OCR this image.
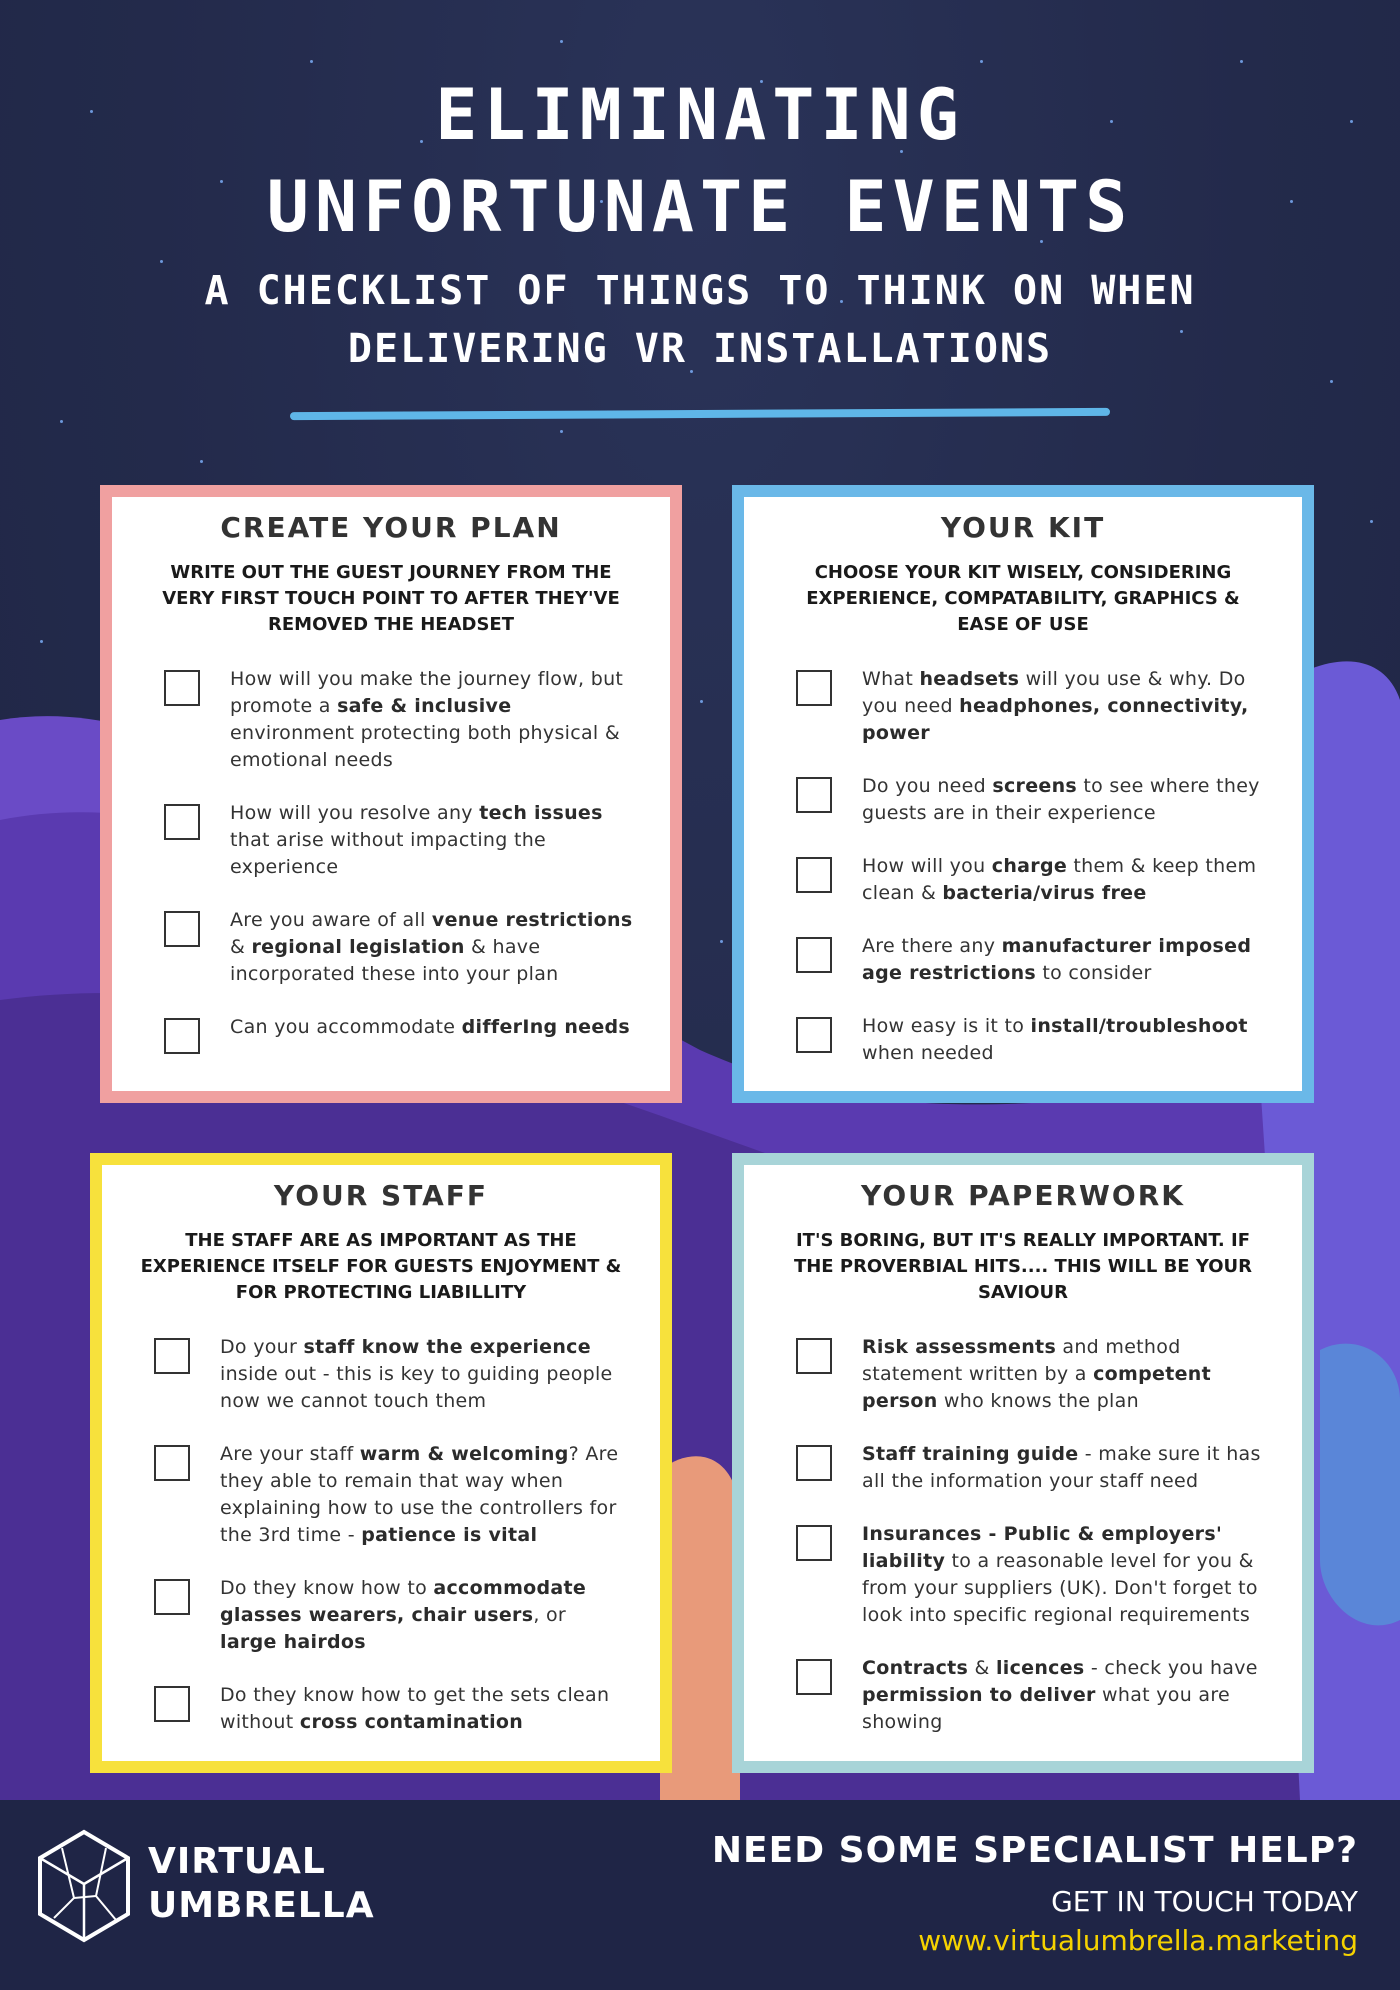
ELIMINATING
UNFORTUNATE EVENTS
A CHECKLIST OF THINGS TO THINK ON WHEN
DELIVERING VR INSTALLATIONS
CREATE YOUR PLAN

WRITE OUT THE GUEST JOURNEY FROM THE VERY FIRST TOUCH POINT TO AFTER THEY'VE REMOVED THE HEADSET

How will you make the journey flow, but promote a safe & inclusive environment protecting both physical & emotional needs
How will you resolve any tech issues that arise without impacting the experience
Are you aware of all venue restrictions & regional legislation & have incorporated these into your plan
Can you accommodate differIng needs
YOUR KIT

CHOOSE YOUR KIT WISELY, CONSIDERING EXPERIENCE, COMPATABILITY, GRAPHICS & EASE OF USE

What headsets will you use & why. Do you need headphones, connectivity, power
Do you need screens to see where they guests are in their experience
How will you charge them & keep them clean & bacteria/virus free
Are there any manufacturer imposed age restrictions to consider
How easy is it to install/troubleshoot when needed
YOUR STAFF

THE STAFF ARE AS IMPORTANT AS THE EXPERIENCE ITSELF FOR GUESTS ENJOYMENT & FOR PROTECTING LIABILLITY

Do your staff know the experience inside out - this is key to guiding people now we cannot touch them
Are your staff warm & welcoming? Are they able to remain that way when explaining how to use the controllers for the 3rd time - patience is vital
Do they know how to accommodate glasses wearers, chair users, or large hairdos
Do they know how to get the sets clean without cross contamination
YOUR PAPERWORK

IT'S BORING, BUT IT'S REALLY IMPORTANT. IF THE PROVERBIAL HITS.... THIS WILL BE YOUR SAVIOUR

Risk assessments and method statement written by a competent person who knows the plan
Staff training guide - make sure it has all the information your staff need
Insurances - Public & employers' liability to a reasonable level for you & from your suppliers (UK). Don't forget to look into specific regional requirements
Contracts & licences - check you have permission to deliver what you are showing
VIRTUAL
UMBRELLA
NEED SOME SPECIALIST HELP?
GET IN TOUCH TODAY
www.virtualumbrella.marketing
